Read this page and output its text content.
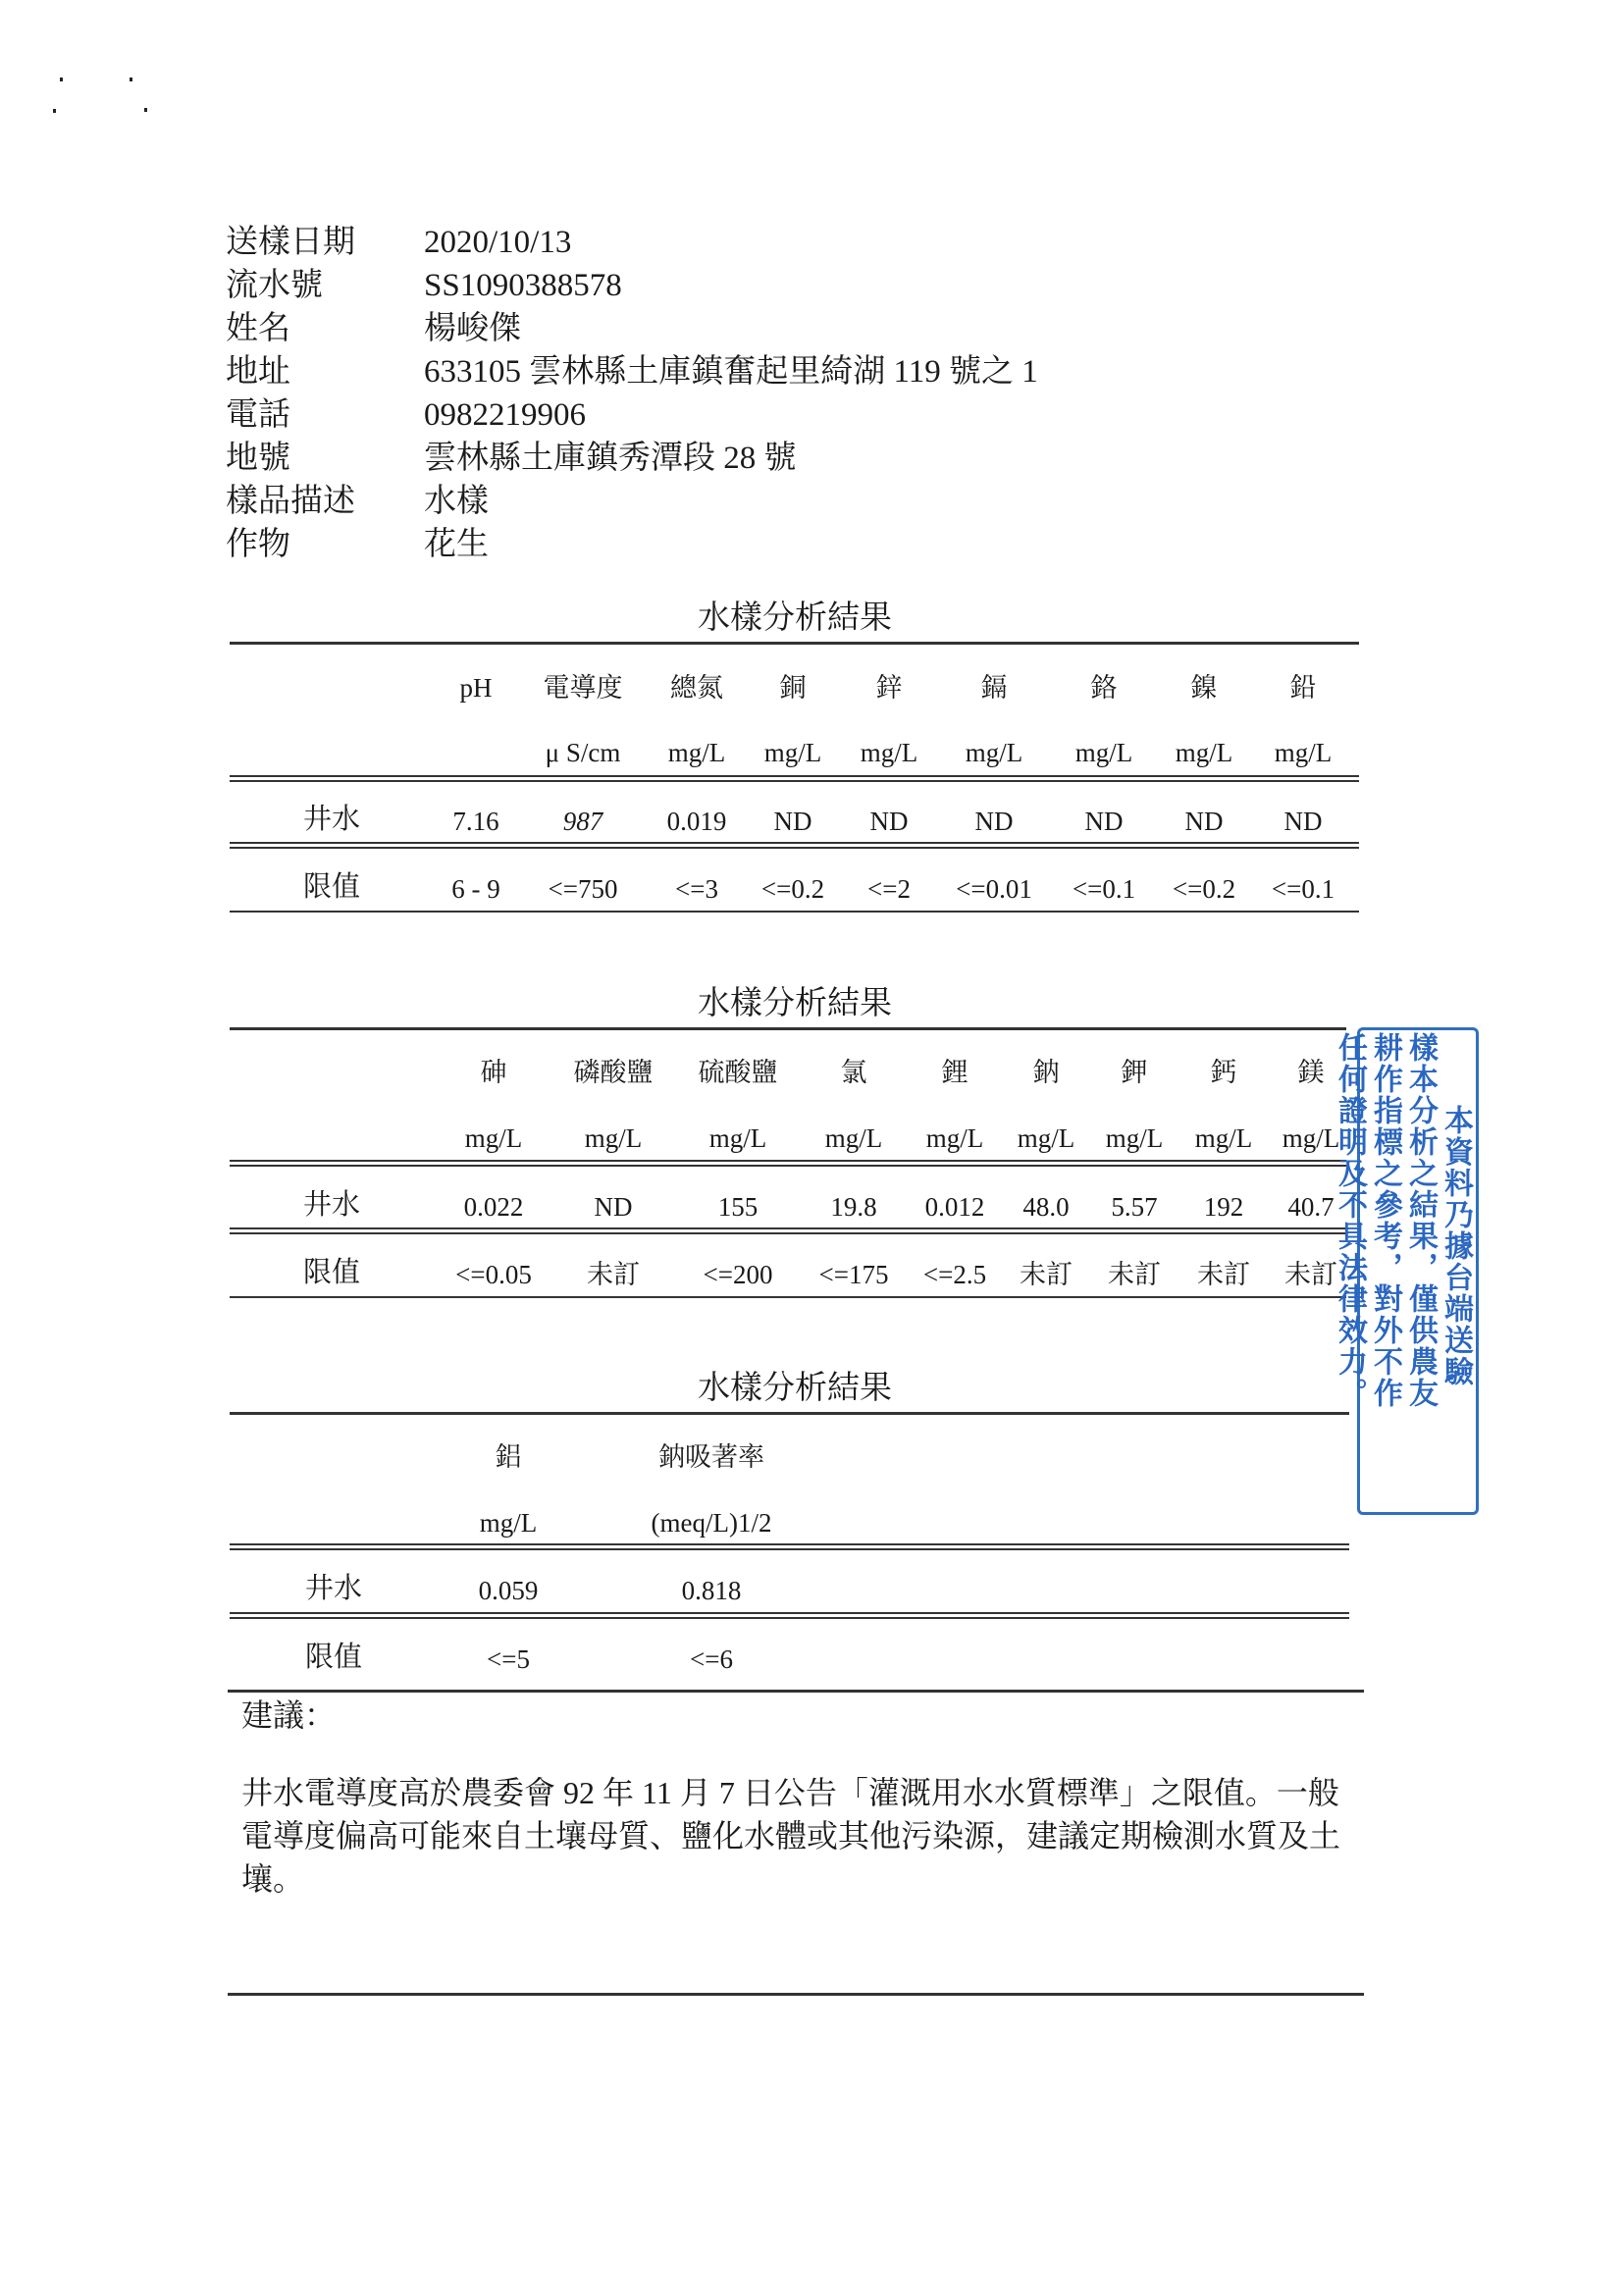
送樣日期 2020/10/13
流水號	SS1090388578
姓名	楊峻傑
地址	633105 雲林縣土庫鎮奮起里綺湖 119 號之 1
電話	0982219906
地號	雲林縣土庫鎮秀潭段 28 號
樣品描述 水樣
作物	花生
水樣分析結果
pH 電導度 總氮 銅	鋅	鎘	鉻	鎳	鉛
μ S/cm mg/L mg/L mg/L mg/L mg/L mg/L mg/L
井水	7.16 987 0.019 ND ND	ND	ND ND ND
限值	6 - 9 <=750 <=3 <=0.2 <=2 <=0.01 <=0.1 <=0.2 <=0.1
水樣分析結果
砷	磷酸鹽 硫酸鹽 氯	鋰 鈉 鉀 鈣 鎂
mg/L mg/L	mg/L mg/L mg/L mg/L mg/L mg/L mg/L
井水	0.022	ND	155	19.8 0.012 48.0 5.57 192 40.7
限值	<=0.05 未訂 <=200 <=175 <=2.5 未訂 未訂 未訂 未訂
水樣分析結果
鋁	鈉吸著率
mg/L	(meq/L)1/2
井水	0.059	0.818
限值	<=5	<=6
建議：
井水電導度高於農委會 92 年 11 月 7 日公告「灌溉用水水質標準」之限值。一般電導度偏高可能來自土壤母質、鹽化水體或其他污染源，建議定期檢測水質及土壤。
本資料乃據台端送驗
樣本分析之結果，僅供農友
耕作指標之參考，對外不作
任何證明及不具法律效力。
